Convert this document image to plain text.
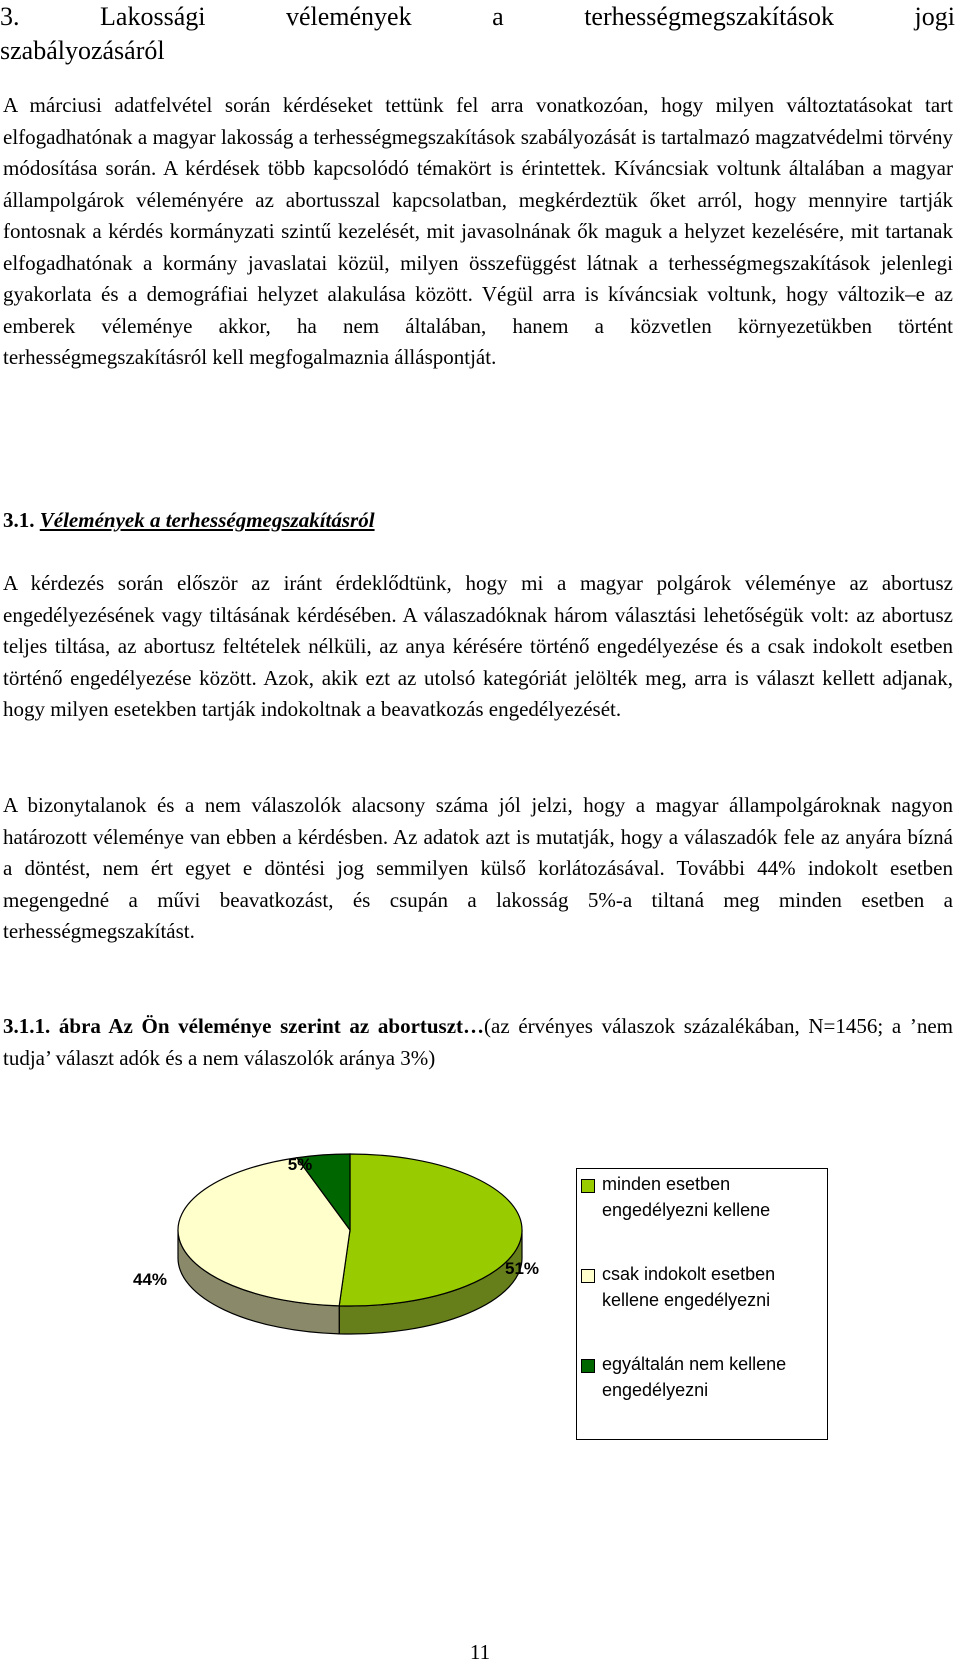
3.	Lakossági	vélemények	a	terhességmegszakítások	jogi
szabályozásáról

A márciusi adatfelvétel során kérdéseket tettünk fel arra vonatkozóan, hogy milyen változtatásokat tart elfogadhatónak a magyar lakosság a terhességmegszakítások szabályozását is tartalmazó magzatvédelmi törvény módosítása során. A kérdések több kapcsolódó témakört is érintettek. Kíváncsiak voltunk általában a magyar állampolgárok véleményére az abortusszal kapcsolatban, megkérdeztük őket arról, hogy mennyire tartják fontosnak a kérdés kormányzati szintű kezelését, mit javasolnának ők maguk a helyzet kezelésére, mit tartanak elfogadhatónak a kormány javaslatai közül, milyen összefüggést látnak a terhességmegszakítások jelenlegi gyakorlata és a demográfiai helyzet alakulása között. Végül arra is kíváncsiak voltunk, hogy változik–e az emberek véleménye akkor, ha nem általában, hanem a közvetlen környezetükben történt terhességmegszakításról kell megfogalmaznia álláspontját.

3.1. Vélemények a terhességmegszakításról

A kérdezés során először az iránt érdeklődtünk, hogy mi a magyar polgárok véleménye az abortusz engedélyezésének vagy tiltásának kérdésében. A válaszadóknak három választási lehetőségük volt: az abortusz teljes tiltása, az abortusz feltételek nélküli, az anya kérésére történő engedélyezése és a csak indokolt esetben történő engedélyezése között. Azok, akik ezt az utolsó kategóriát jelölték meg, arra is választ kellett adjanak, hogy milyen esetekben tartják indokoltnak a beavatkozás engedélyezését.

A bizonytalanok és a nem válaszolók alacsony száma jól jelzi, hogy a magyar állampolgároknak nagyon határozott véleménye van ebben a kérdésben. Az adatok azt is mutatják, hogy a válaszadók fele az anyára bízná a döntést, nem ért egyet e döntési jog semmilyen külső korlátozásával. További 44% indokolt esetben megengedné a művi beavatkozást, és csupán a lakosság 5%-a tiltaná meg minden esetben a terhességmegszakítást.

3.1.1. ábra Az Ön véleménye szerint az abortuszt…(az érvényes válaszok százalékában, N=1456; a ’nem tudja’ választ adók és a nem válaszolók aránya 3%)
51%
44%
5%
minden esetben engedélyezni kellene
csak indokolt esetben kellene engedélyezni
egyáltalán nem kellene engedélyezni
11
